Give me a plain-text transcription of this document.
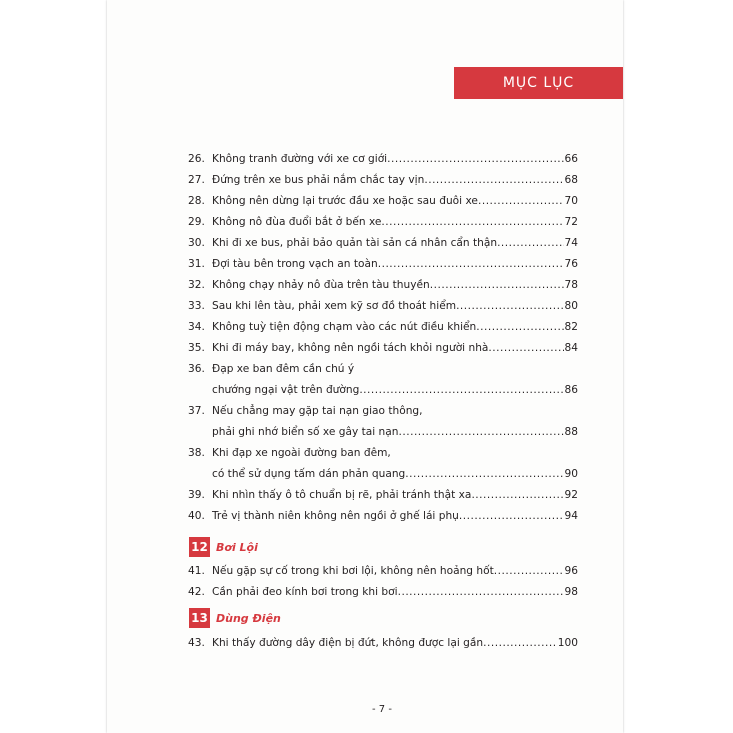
MỤC LỤC
26. Không tranh đường với xe cơ giới .....	66
27. Đứng trên xe bus phải nắm chắc tay vịn .....	68
28. Không nên dừng lại trước đầu xe hoặc sau đuôi xe .....	70
29. Không nô đùa đuổi bắt ở bến xe .....	72
30. Khi đi xe bus, phải bảo quản tài sản cá nhân cẩn thận .....	74
31. Đợi tàu bên trong vạch an toàn .....	76
32. Không chạy nhảy nô đùa trên tàu thuyền .....	78
33. Sau khi lên tàu, phải xem kỹ sơ đồ thoát hiểm .....	80
34. Không tuỳ tiện động chạm vào các nút điều khiển .....	82
35. Khi đi máy bay, không nên ngồi tách khỏi người nhà .....	84
36. Đạp xe ban đêm cần chú ý
chướng ngại vật trên đường .....	86
37. Nếu chẳng may gặp tai nạn giao thông,
phải ghi nhớ biển số xe gây tai nạn .....	88
38. Khi đạp xe ngoài đường ban đêm,
có thể sử dụng tấm dán phản quang .....	90
39. Khi nhìn thấy ô tô chuẩn bị rẽ, phải tránh thật xa .....	92
40. Trẻ vị thành niên không nên ngồi ở ghế lái phụ .....	94
12 Bơi Lội
41. Nếu gặp sự cố trong khi bơi lội, không nên hoảng hốt .....	96
42. Cần phải đeo kính bơi trong khi bơi .....	98
13 Dùng Điện
43. Khi thấy đường dây điện bị đứt, không được lại gần .....	100
- 7 -
